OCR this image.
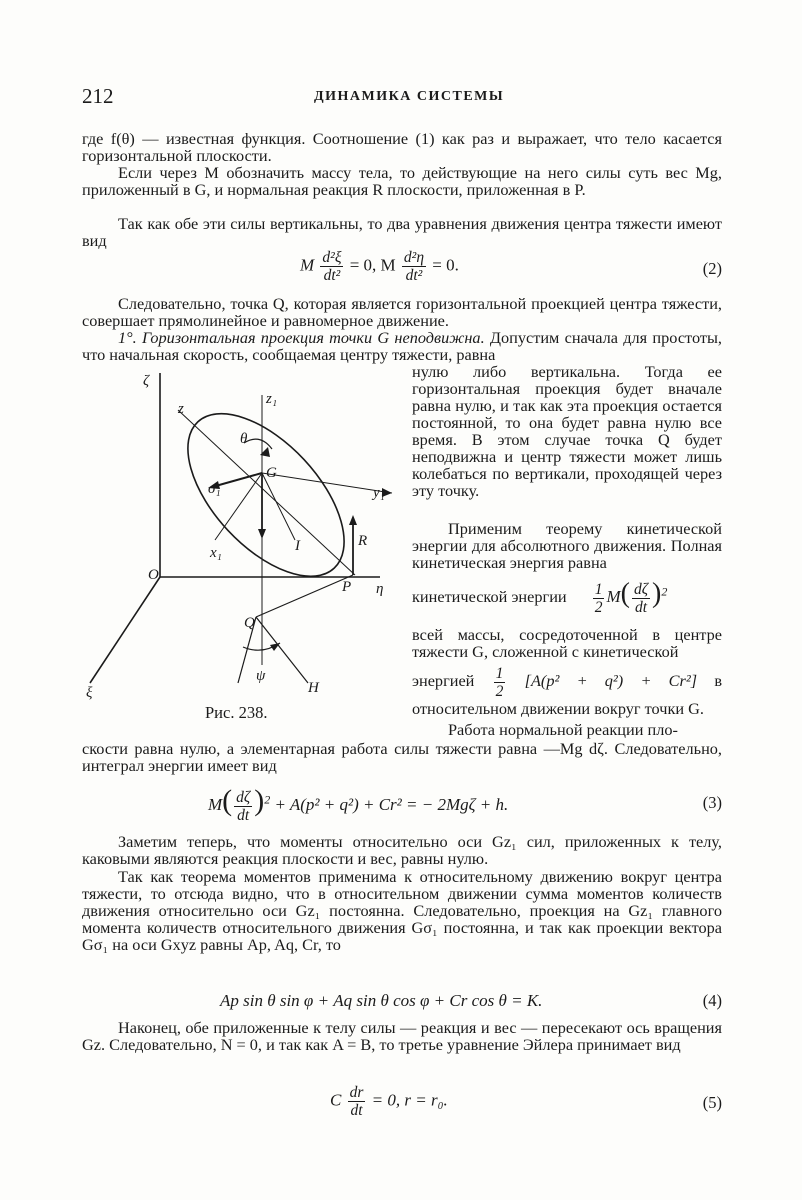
212	ДИНАМИКА СИСТЕМЫ
где f(θ) — известная функция. Соотношение (1) как раз и выражает, что тело касается горизонтальной плоскости.
Если через M обозначить массу тела, то действующие на него силы суть вес Mg, приложенный в G, и нормальная реакция R плоскости, приложенная в P.
Так как обе эти силы вертикальны, то два уравнения движения центра тяжести имеют вид
M $\frac{\text{d²ξ}}{\text{dt²}} = 0$, M $\frac{\text{d²η}}{\text{dt²}} = 0$.	(2)
Следовательно, точка Q, которая является горизонтальной проекцией центра тяжести, совершает прямолинейное и равномерное движение.
1°. Горизонтальная проекция точки G неподвижна. Допустим сначала для простоты, что начальная скорость, сообщаемая центру тяжести, равна
нулю либо вертикальна. Тогда ее горизонтальная проекция будет вначале равна нулю, и так как эта проекция остается постоянной, то она будет равна нулю все время. В этом случае точка Q будет неподвижна и центр тяжести может лишь колебаться по вертикали, проходящей через эту точку.
Применим теорему кинетической энергии для абсолютного движения. Полная кинетическая энергия равна
кинетической энергии $\frac{1}{2} M( \frac{d\zeta}{dt} )^2$
всей массы, сосредоточенной в центре тяжести G, сложенной с кинетической
энергией $\frac{1}{2} [A(p^2 + q^2) + Cr^2]$ в относительном движении вокруг точки G.
Работа нормальной реакции пло-
скости равна нулю, а элементарная работа силы тяжести равна —Mg dζ. Следовательно, интеграл энергии имеет вид
$M( \frac{d\zeta}{dt} )^2 + A(p^2 + q^2) + Cr^2$ = − 2Mgζ + h.	(3)
Заметим теперь, что моменты относительно оси Gz₁ сил, приложенных к телу, каковыми являются реакция плоскости и вес, равны нулю.
Так как теорема моментов применима к относительному движению вокруг центра тяжести, то отсюда видно, что в относительном движении сумма моментов количеств движения относительно оси Gz₁ постоянна. Следовательно, проекция на Gz₁ главного момента количеств относительного движения Gσ₁ постоянна, и так как проекции вектора Gσ₁ на оси Gxyz равны Ap, Aq, Cr, то
Ap sin θ sin φ + Aq sin θ cos φ + Cr cos θ = K.	(4)
Наконец, обе приложенные к телу силы — реакция и вес — пересекают ось вращения Gz. Следовательно, N = 0, и так как A = B, то третье уравнение Эйлера принимает вид
C $\frac{dr}{dt} = 0$, r = r₀.	(5)
ζ
z
z₁
θ
G
σ₁	y₁
x₁	I	R
O
P η
Q
ψ
H
ξ
Рис. 238.
